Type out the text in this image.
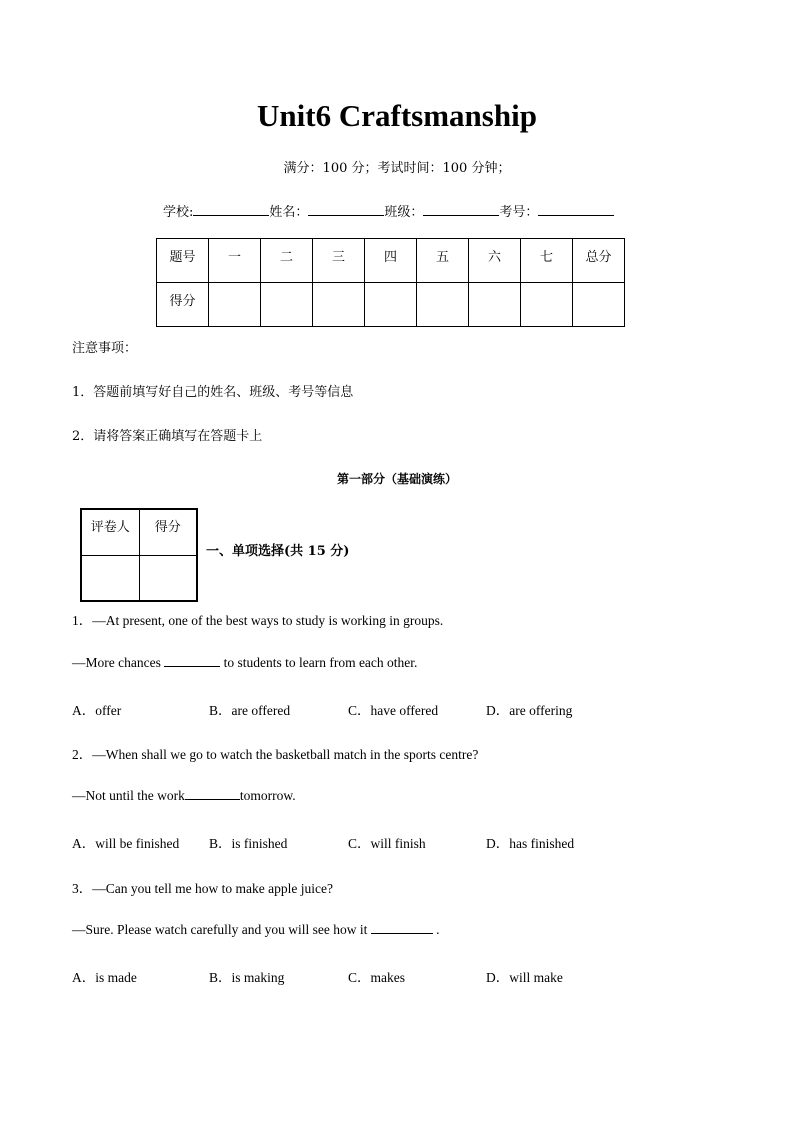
Unit6 Craftsmanship
满分：100 分；考试时间：100 分钟；
学校:	姓名：	班级：	考号：
题号	一	二	三	四	五	六	七	总分
得分								
注意事项：
1．答题前填写好自己的姓名、班级、考号等信息
2．请将答案正确填写在答题卡上
第一部分（基础演练）
评卷人	得分

一、单项选择(共 15 分)
1．—At present, one of the best ways to study is working in groups.
—More chances	to students to learn from each other.
A．offer	B．are offered	C．have offered	D．are offering
2．—When shall we go to watch the basketball match in the sports centre?
—Not until the work	tomorrow.
A．will be finished B．is finished	C．will finish	D．has finished
3．—Can you tell me how to make apple juice?
—Sure. Please watch carefully and you will see how it	.
A．is made	B．is making	C．makes	D．will make
